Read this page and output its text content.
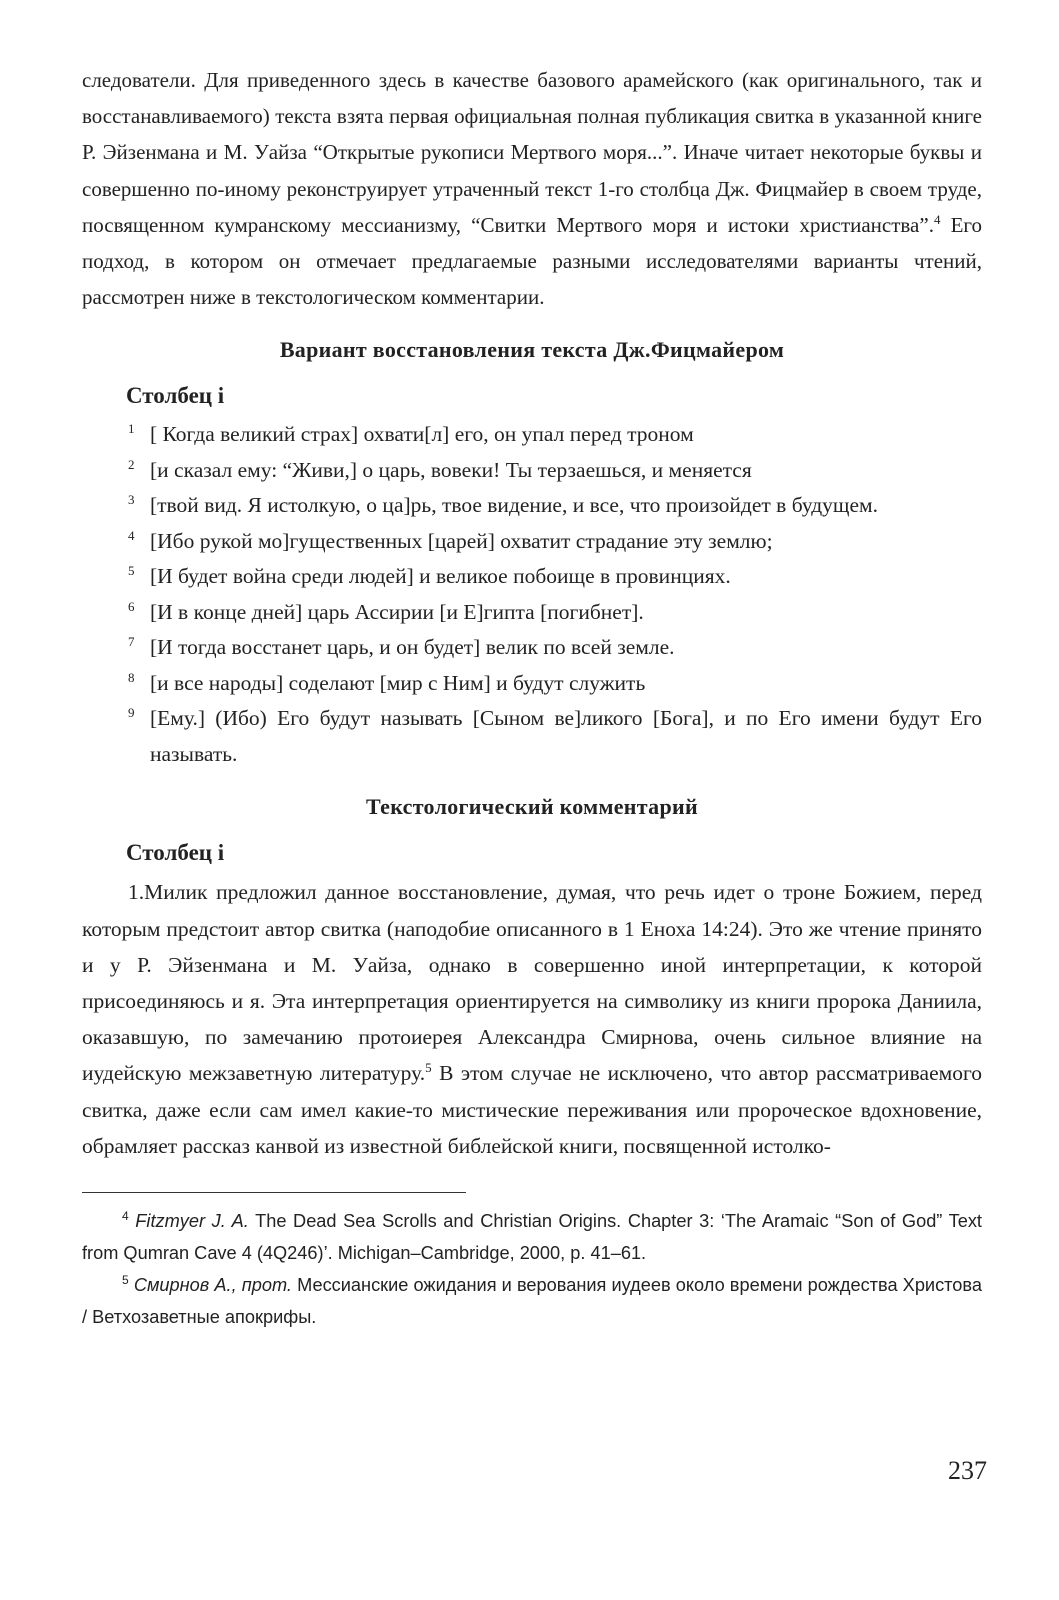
следователи. Для приведенного здесь в качестве базового арамейского (как оригинального, так и восстанавливаемого) текста взята первая официальная полная публикация свитка в указанной книге Р. Эйзенмана и М. Уайза “Открытые рукописи Мертвого моря...”. Иначе читает некоторые буквы и совершенно по-иному реконструирует утраченный текст 1-го столбца Дж. Фицмайер в своем труде, посвященном кумранскому мессианизму, “Свитки Мертвого моря и истоки христианства”.$^4$ Его подход, в котором он отмечает предлагаемые разными исследователями варианты чтений, рассмотрен ниже в текстологическом комментарии.

Вариант восстановления текста Дж.Фицмайером
Столбец i
1 [ Когда великий страх] охвати[л] его, он упал перед троном
2 [и сказал ему: “Живи,] о царь, вовеки! Ты терзаешься, и меняется
3 [твой вид. Я истолкую, о ца]рь, твое видение, и все, что произойдет в будущем.
4 [Ибо рукой мо]гущественных [царей] охватит страдание эту землю;
5 [И будет война среди людей] и великое побоище в провинциях.
6 [И в конце дней] царь Ассирии [и Е]гипта [погибнет].
7 [И тогда восстанет царь, и он будет] велик по всей земле.
8 [и все народы] соделают [мир с Ним] и будут служить
9 [Ему.] (Ибо) Его будут называть [Сыном ве]ликого [Бога], и по Его имени будут Его называть.
Текстологический комментарий
Столбец i

1.Милик предложил данное восстановление, думая, что речь идет о троне Божием, перед которым предстоит автор свитка (наподобие описанного в 1 Еноха 14:24). Это же чтение принято и у Р. Эйзенмана и М. Уайза, однако в совершенно иной интерпретации, к которой присоединяюсь и я. Эта интерпретация ориентируется на символику из книги пророка Даниила, оказавшую, по замечанию протоиерея Александра Смирнова, очень сильное влияние на иудейскую межзаветную литературу.$^5$ В этом случае не исключено, что автор рассматриваемого свитка, даже если сам имел какие-то мистические переживания или пророческое вдохновение, обрамляет рассказ канвой из известной библейской книги, посвященной истолко-

$^4$ Fitzmyer J. A. The Dead Sea Scrolls and Christian Origins. Chapter 3: ‘The Aramaic “Son of God” Text from Qumran Cave 4 (4Q246)’. Michigan–Cambridge, 2000, p. 41–61.

$^5$ Смирнов А., прот. Мессианские ожидания и верования иудеев около времени рождества Христова / Ветхозаветные апокрифы.

237
